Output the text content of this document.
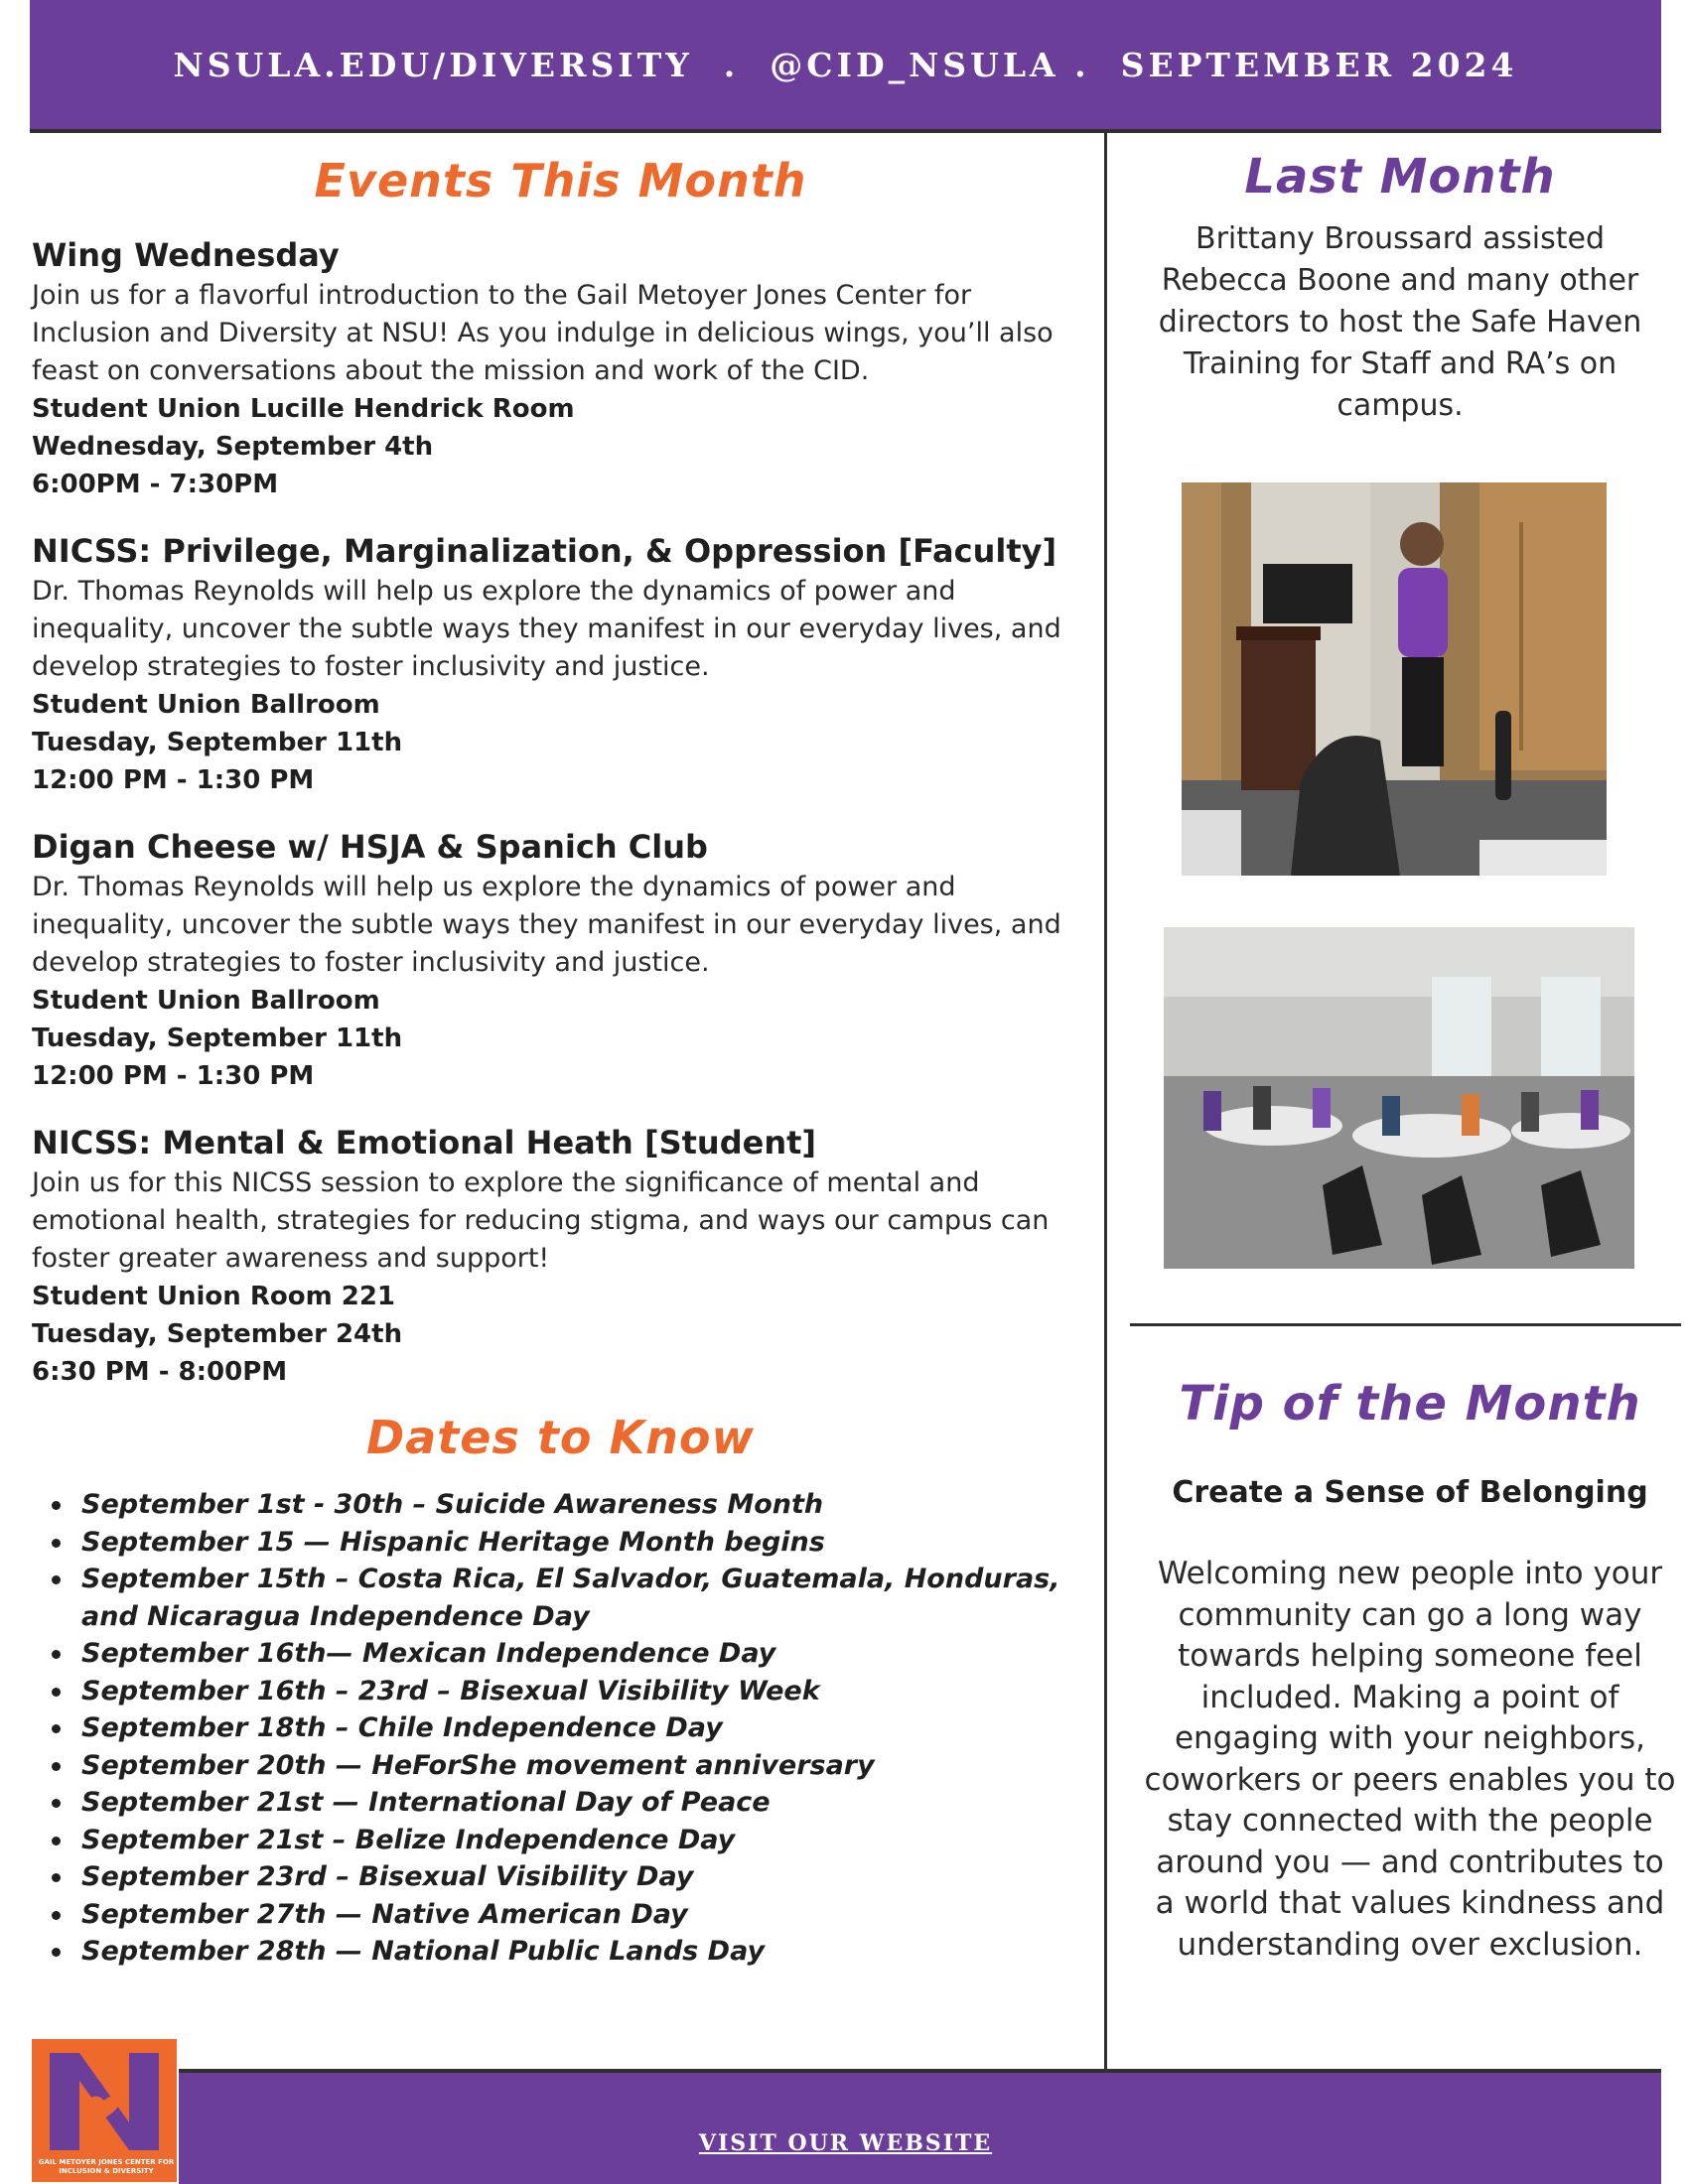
NSULA.EDU/DIVERSITY  .  @CID_NSULA .  SEPTEMBER 2024
Events This Month
Wing Wednesday
Join us for a flavorful introduction to the Gail Metoyer Jones Center for Inclusion and Diversity at NSU! As you indulge in delicious wings, you’ll also feast on conversations about the mission and work of the CID.
Student Union Lucille Hendrick Room
Wednesday, September 4th
6:00PM - 7:30PM
NICSS: Privilege, Marginalization, & Oppression [Faculty]
Dr. Thomas Reynolds will help us explore the dynamics of power and inequality, uncover the subtle ways they manifest in our everyday lives, and develop strategies to foster inclusivity and justice.
Student Union Ballroom
Tuesday, September 11th
12:00 PM - 1:30 PM
Digan Cheese w/ HSJA & Spanich Club
Dr. Thomas Reynolds will help us explore the dynamics of power and inequality, uncover the subtle ways they manifest in our everyday lives, and develop strategies to foster inclusivity and justice.
Student Union Ballroom
Tuesday, September 11th
12:00 PM - 1:30 PM
NICSS: Mental & Emotional Heath [Student]
Join us for this NICSS session to explore the significance of mental and emotional health, strategies for reducing stigma, and ways our campus can foster greater awareness and support!
Student Union Room 221
Tuesday, September 24th
6:30 PM - 8:00PM
Dates to Know
September 1st - 30th – Suicide Awareness Month
September 15 — Hispanic Heritage Month begins
September 15th – Costa Rica, El Salvador, Guatemala, Honduras, and Nicaragua Independence Day
September 16th— Mexican Independence Day
September 16th – 23rd – Bisexual Visibility Week
September 18th – Chile Independence Day
September 20th — HeForShe movement anniversary
September 21st — International Day of Peace
September 21st – Belize Independence Day
September 23rd – Bisexual Visibility Day
September 27th — Native American Day
September 28th — National Public Lands Day
Last Month
Brittany Broussard assisted Rebecca Boone and many other directors to host the Safe Haven Training for Staff and RA’s on campus.
Tip of the Month
Create a Sense of Belonging
Welcoming new people into your community can go a long way towards helping someone feel included. Making a point of engaging with your neighbors, coworkers or peers enables you to stay connected with the people around you — and contributes to a world that values kindness and understanding over exclusion.
VISIT OUR WEBSITE
GAIL METOYER JONES CENTER FOR INCLUSION & DIVERSITY
